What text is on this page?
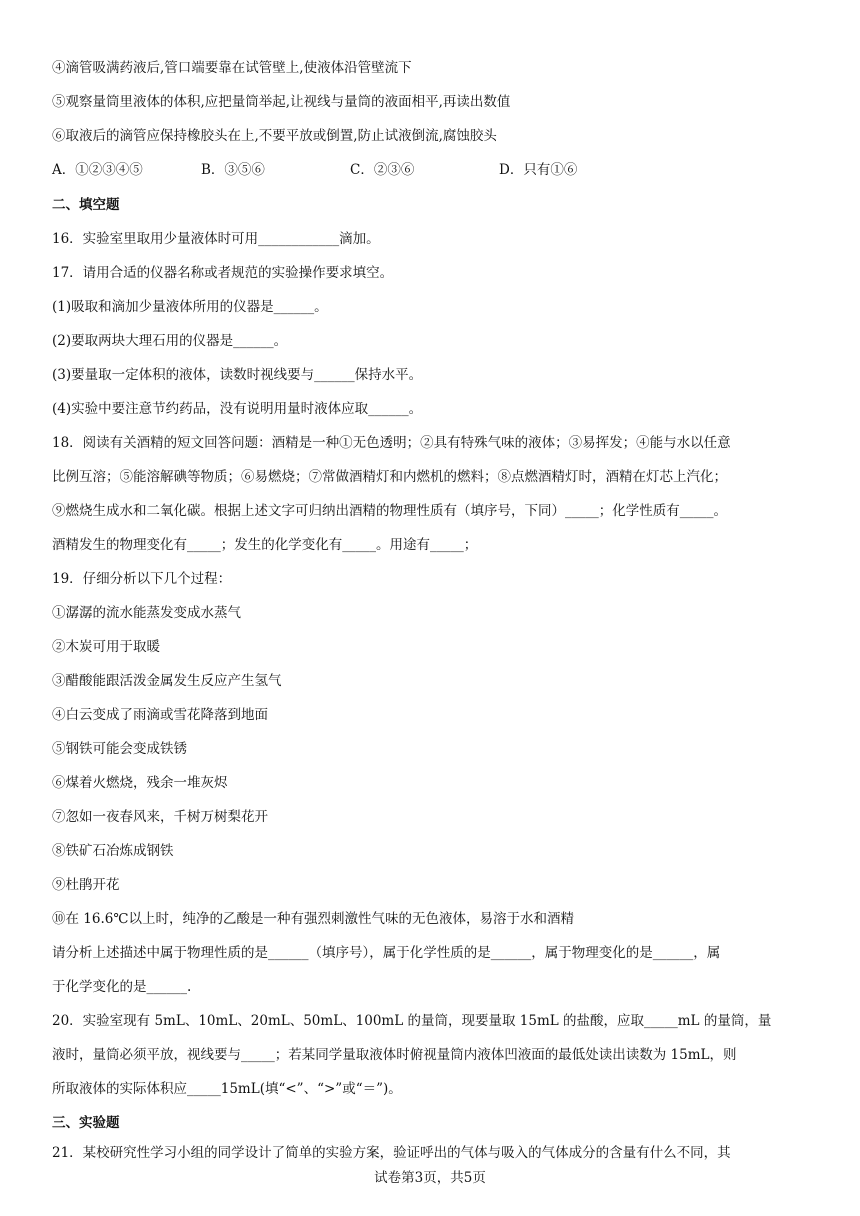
④滴管吸满药液后,管口端要靠在试管壁上,使液体沿管壁流下
⑤观察量筒里液体的体积,应把量筒举起,让视线与量筒的液面相平,再读出数值
⑥取液后的滴管应保持橡胶头在上,不要平放或倒置,防止试液倒流,腐蚀胶头
A．①②③④⑤	B．③⑤⑥	C．②③⑥	D．只有①⑥
二、填空题
16．实验室里取用少量液体时可用____________滴加。
17．请用合适的仪器名称或者规范的实验操作要求填空。
(1)吸取和滴加少量液体所用的仪器是______。
(2)要取两块大理石用的仪器是______。
(3)要量取一定体积的液体，读数时视线要与______保持水平。
(4)实验中要注意节约药品，没有说明用量时液体应取______。
18．阅读有关酒精的短文回答问题：酒精是一种①无色透明；②具有特殊气味的液体；③易挥发；④能与水以任意
比例互溶；⑤能溶解碘等物质；⑥易燃烧；⑦常做酒精灯和内燃机的燃料；⑧点燃酒精灯时，酒精在灯芯上汽化；
⑨燃烧生成水和二氧化碳。根据上述文字可归纳出酒精的物理性质有（填序号，下同）_____；化学性质有_____。
酒精发生的物理变化有_____；发生的化学变化有_____。用途有_____；
19．仔细分析以下几个过程：
①潺潺的流水能蒸发变成水蒸气
②木炭可用于取暖
③醋酸能跟活泼金属发生反应产生氢气
④白云变成了雨滴或雪花降落到地面
⑤钢铁可能会变成铁锈
⑥煤着火燃烧，残余一堆灰烬
⑦忽如一夜春风来，千树万树梨花开
⑧铁矿石冶炼成钢铁
⑨杜鹃开花
⑩在 16.6℃以上时，纯净的乙酸是一种有强烈刺激性气味的无色液体，易溶于水和酒精
请分析上述描述中属于物理性质的是______（填序号），属于化学性质的是______，属于物理变化的是______，属
于化学变化的是______.
20．实验室现有 5mL、10mL、20mL、50mL、100mL 的量筒，现要量取 15mL 的盐酸，应取_____mL 的量筒，量
液时，量筒必须平放，视线要与_____；若某同学量取液体时俯视量筒内液体凹液面的最低处读出读数为 15mL，则
所取液体的实际体积应_____15mL(填“<”、“>”或“＝”)。
三、实验题
21．某校研究性学习小组的同学设计了简单的实验方案，验证呼出的气体与吸入的气体成分的含量有什么不同，其
试卷第3页，共5页
